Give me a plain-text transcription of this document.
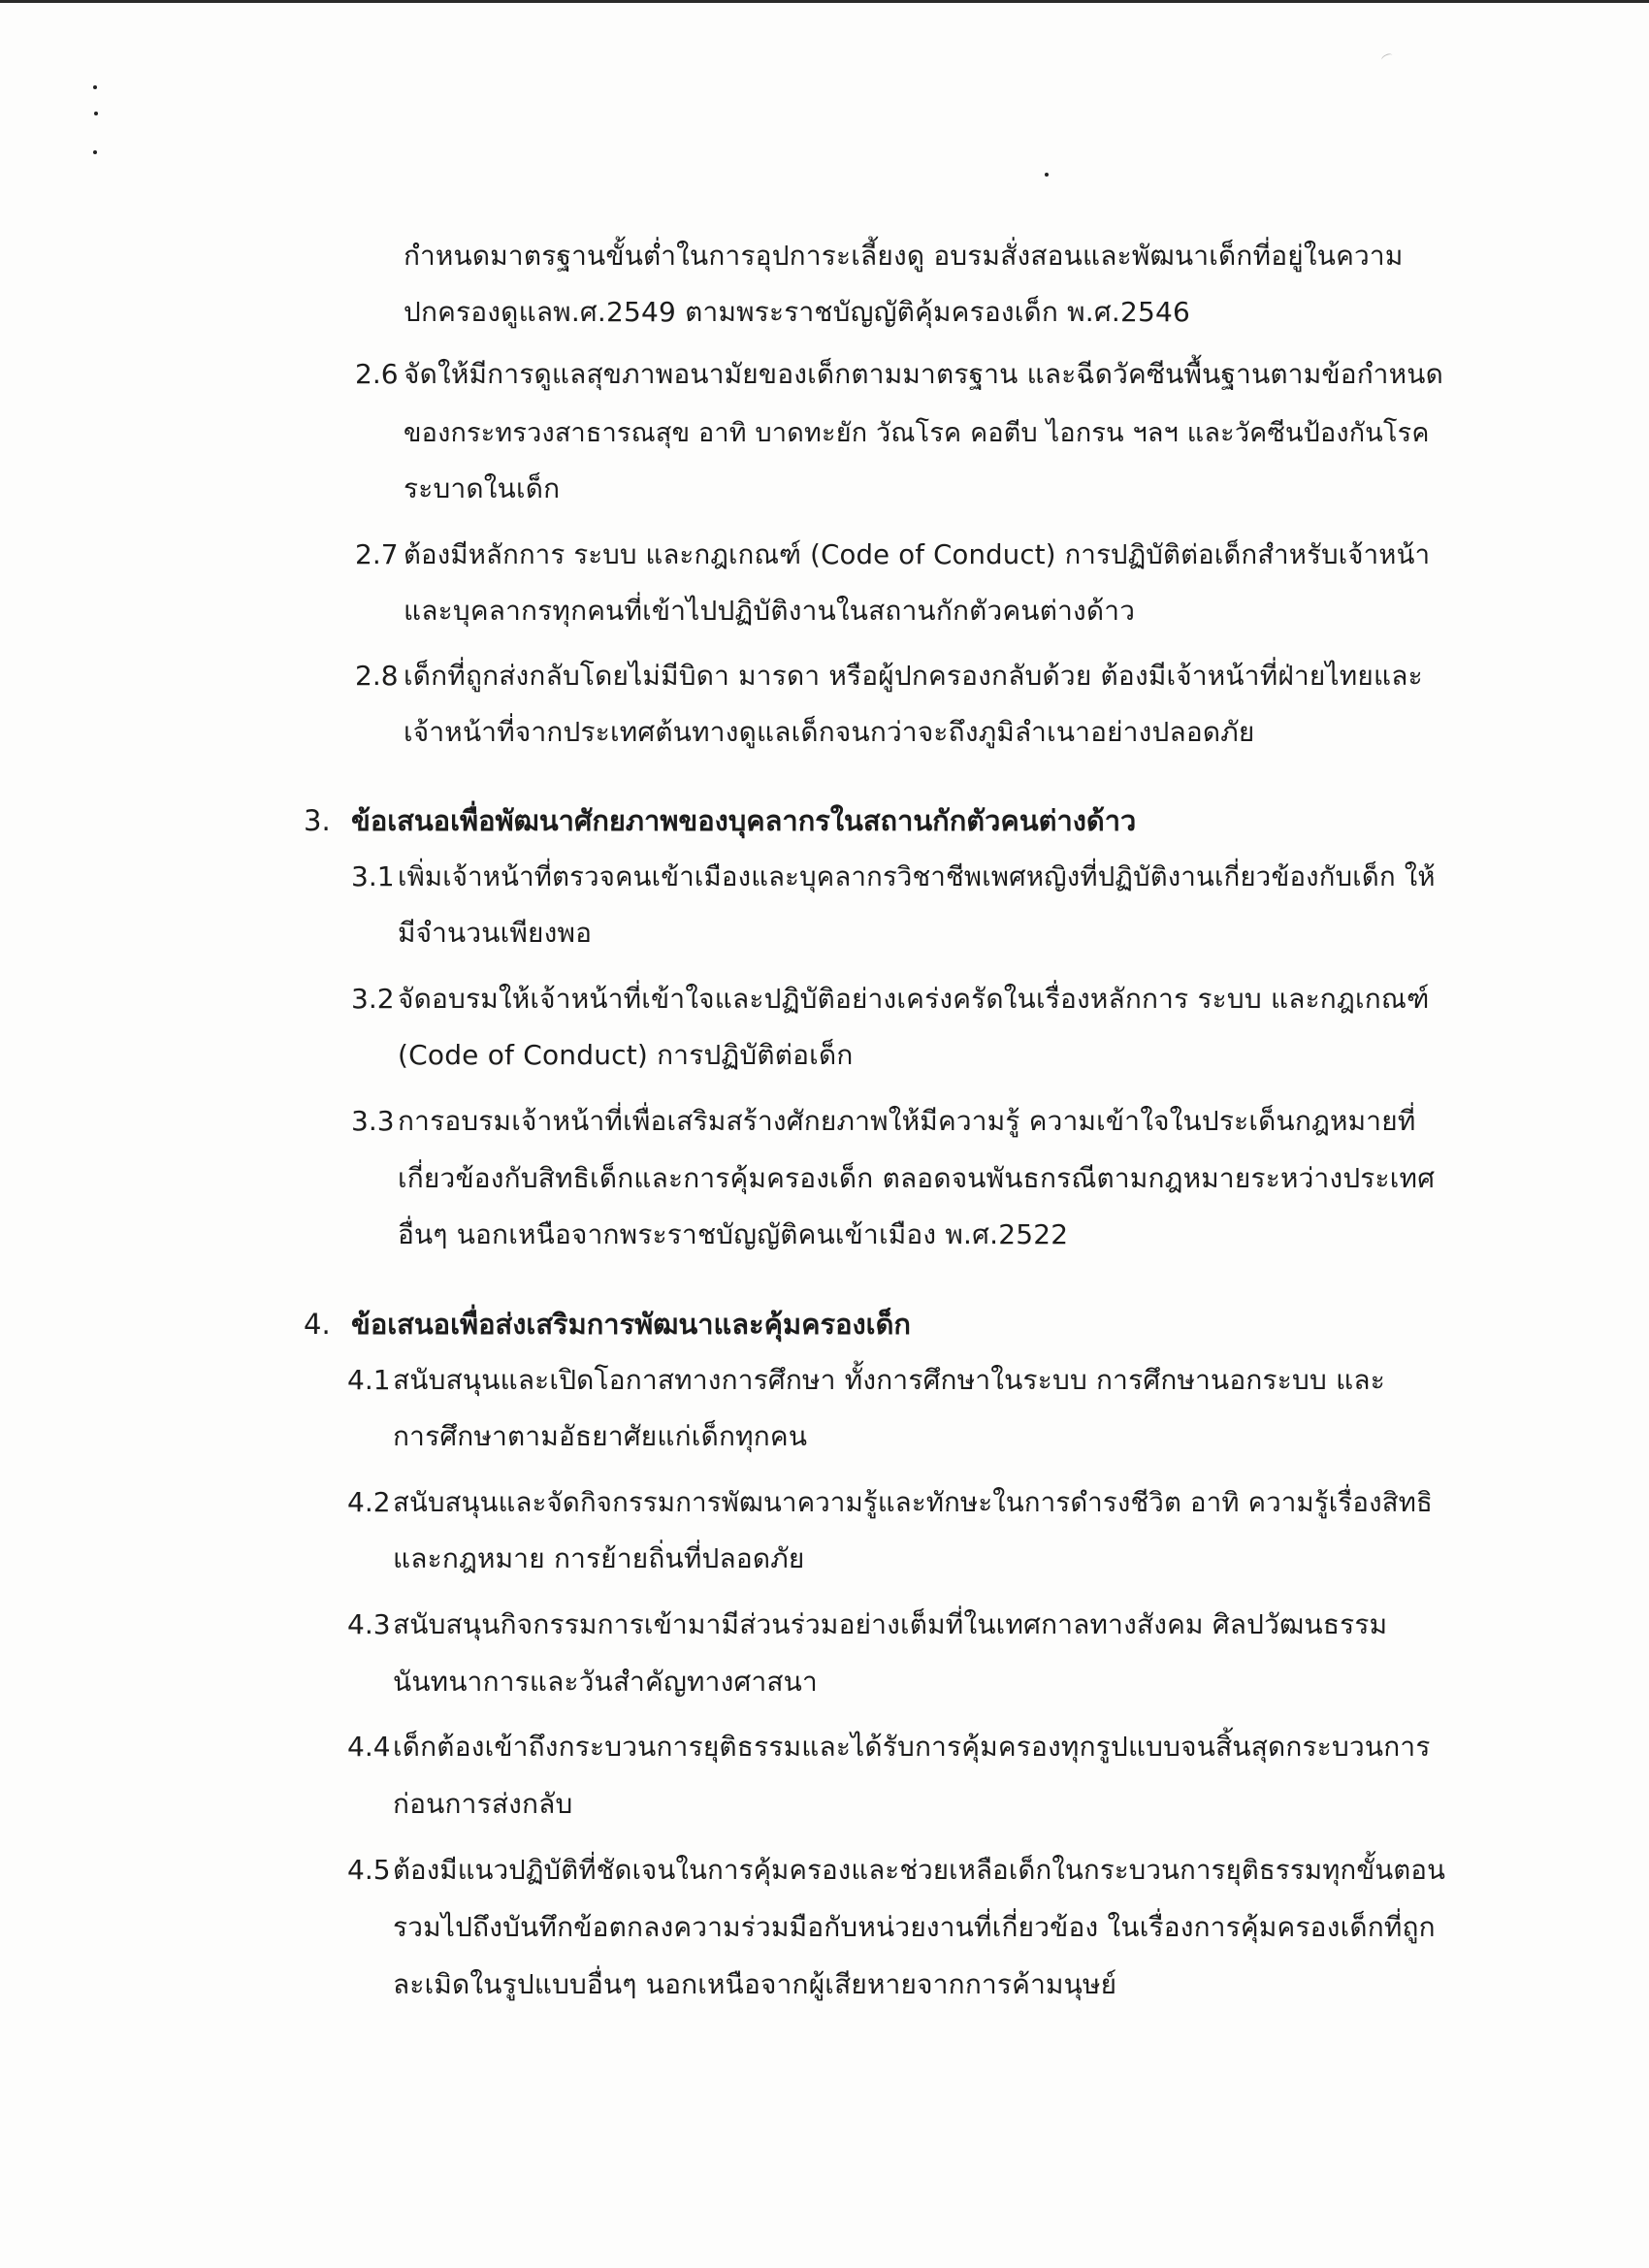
กำหนดมาตรฐานขั้นต่ำในการอุปการะเลี้ยงดู อบรมสั่งสอนและพัฒนาเด็กที่อยู่ในความ
ปกครองดูแลพ.ศ.2549 ตามพระราชบัญญัติคุ้มครองเด็ก พ.ศ.2546
2.6 จัดให้มีการดูแลสุขภาพอนามัยของเด็กตามมาตรฐาน และฉีดวัคซีนพื้นฐานตามข้อกำหนด
ของกระทรวงสาธารณสุข อาทิ บาดทะยัก วัณโรค คอตีบ ไอกรน ฯลฯ และวัคซีนป้องกันโรค
ระบาดในเด็ก
2.7 ต้องมีหลักการ ระบบ และกฎเกณฑ์ (Code of Conduct) การปฏิบัติต่อเด็กสำหรับเจ้าหน้า
และบุคลากรทุกคนที่เข้าไปปฏิบัติงานในสถานกักตัวคนต่างด้าว
2.8 เด็กที่ถูกส่งกลับโดยไม่มีบิดา มารดา หรือผู้ปกครองกลับด้วย ต้องมีเจ้าหน้าที่ฝ่ายไทยและ
เจ้าหน้าที่จากประเทศต้นทางดูแลเด็กจนกว่าจะถึงภูมิลำเนาอย่างปลอดภัย
3. ข้อเสนอเพื่อพัฒนาศักยภาพของบุคลากรในสถานกักตัวคนต่างด้าว
3.1 เพิ่มเจ้าหน้าที่ตรวจคนเข้าเมืองและบุคลากรวิชาชีพเพศหญิงที่ปฏิบัติงานเกี่ยวข้องกับเด็ก ให้
มีจำนวนเพียงพอ
3.2 จัดอบรมให้เจ้าหน้าที่เข้าใจและปฏิบัติอย่างเคร่งครัดในเรื่องหลักการ ระบบ และกฎเกณฑ์
(Code of Conduct) การปฏิบัติต่อเด็ก
3.3 การอบรมเจ้าหน้าที่เพื่อเสริมสร้างศักยภาพให้มีความรู้ ความเข้าใจในประเด็นกฎหมายที่
เกี่ยวข้องกับสิทธิเด็กและการคุ้มครองเด็ก ตลอดจนพันธกรณีตามกฎหมายระหว่างประเทศ
อื่นๆ นอกเหนือจากพระราชบัญญัติคนเข้าเมือง พ.ศ.2522
4. ข้อเสนอเพื่อส่งเสริมการพัฒนาและคุ้มครองเด็ก
4.1 สนับสนุนและเปิดโอกาสทางการศึกษา ทั้งการศึกษาในระบบ การศึกษานอกระบบ และ
การศึกษาตามอัธยาศัยแก่เด็กทุกคน
4.2 สนับสนุนและจัดกิจกรรมการพัฒนาความรู้และทักษะในการดำรงชีวิต อาทิ ความรู้เรื่องสิทธิ
และกฎหมาย การย้ายถิ่นที่ปลอดภัย
4.3 สนับสนุนกิจกรรมการเข้ามามีส่วนร่วมอย่างเต็มที่ในเทศกาลทางสังคม ศิลปวัฒนธรรม
นันทนาการและวันสำคัญทางศาสนา
4.4 เด็กต้องเข้าถึงกระบวนการยุติธรรมและได้รับการคุ้มครองทุกรูปแบบจนสิ้นสุดกระบวนการ
ก่อนการส่งกลับ
4.5 ต้องมีแนวปฏิบัติที่ชัดเจนในการคุ้มครองและช่วยเหลือเด็กในกระบวนการยุติธรรมทุกขั้นตอน
รวมไปถึงบันทึกข้อตกลงความร่วมมือกับหน่วยงานที่เกี่ยวข้อง ในเรื่องการคุ้มครองเด็กที่ถูก
ละเมิดในรูปแบบอื่นๆ นอกเหนือจากผู้เสียหายจากการค้ามนุษย์
